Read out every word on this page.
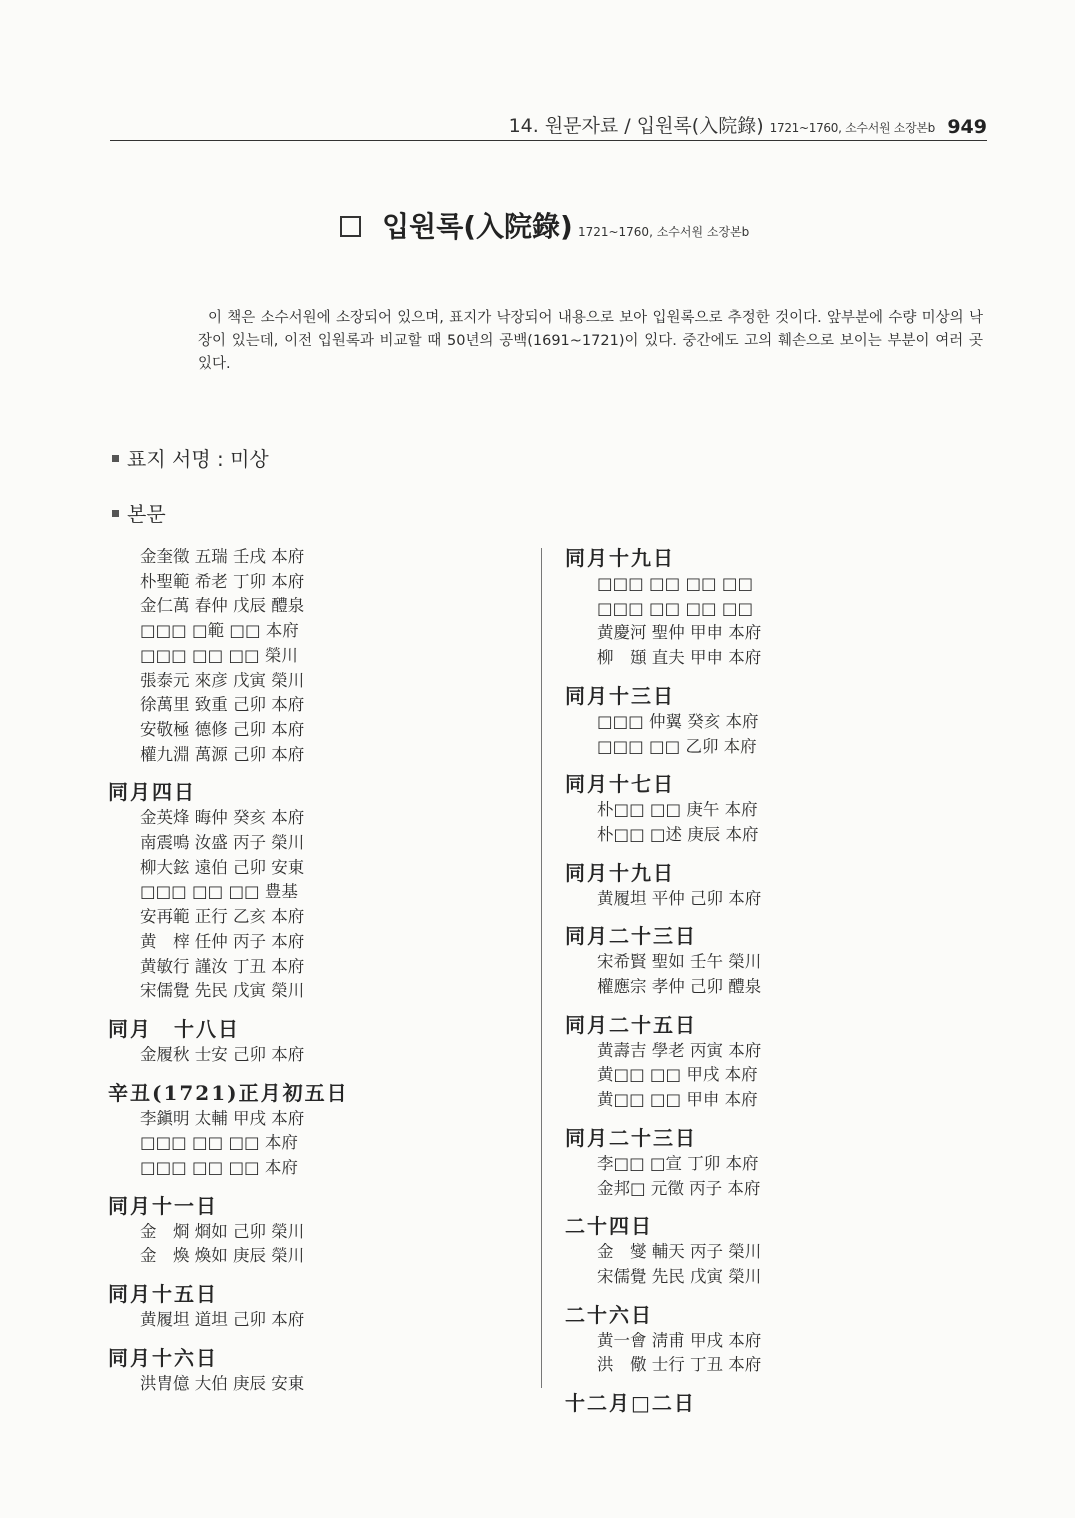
14. 원문자료 / 입원록(入院錄) 1721~1760, 소수서원 소장본b 949
입원록(入院錄) 1721~1760, 소수서원 소장본b
이 책은 소수서원에 소장되어 있으며, 표지가 낙장되어 내용으로 보아 입원록으로 추정한 것이다. 앞부분에 수량 미상의 낙장이 있는데, 이전 입원록과 비교할 때 50년의 공백(1691~1721)이 있다. 중간에도 고의 훼손으로 보이는 부분이 여러 곳 있다.
표지 서명 : 미상
본문
金奎徵 五瑞 壬戌 本府
朴聖範 希老 丁卯 本府
金仁萬 春仲 戊辰 醴泉
□□□ □範 □□ 本府
□□□ □□ □□ 榮川
張泰元 來彦 戊寅 榮川
徐萬里 致重 己卯 本府
安敬極 德修 己卯 本府
權九淵 萬源 己卯 本府
同月四日
金英烽 晦仲 癸亥 本府
南震鳴 汝盛 丙子 榮川
柳大鉉 遠伯 己卯 安東
□□□ □□ □□ 豊基
安再範 正行 乙亥 本府
黄　榟 任仲 丙子 本府
黄敏行 謹汝 丁丑 本府
宋儒覺 先民 戊寅 榮川
同月　十八日
金履秋 士安 己卯 本府
辛丑(1721)正月初五日
李鎭明 太輔 甲戌 本府
□□□ □□ □□ 本府
□□□ □□ □□ 本府
同月十一日
金　烱 烱如 己卯 榮川
金　煥 煥如 庚辰 榮川
同月十五日
黄履坦 道坦 己卯 本府
同月十六日
洪胄億 大伯 庚辰 安東
同月十九日
□□□ □□ □□ □□
□□□ □□ □□ □□
黄慶河 聖仲 甲申 本府
柳　頲 直夫 甲申 本府
同月十三日
□□□ 仲翼 癸亥 本府
□□□ □□ 乙卯 本府
同月十七日
朴□□ □□ 庚午 本府
朴□□ □述 庚辰 本府
同月十九日
黄履坦 平仲 己卯 本府
同月二十三日
宋希賢 聖如 壬午 榮川
權應宗 孝仲 己卯 醴泉
同月二十五日
黄壽吉 學老 丙寅 本府
黄□□ □□ 甲戌 本府
黄□□ □□ 甲申 本府
同月二十三日
李□□ □宣 丁卯 本府
金邦□ 元徵 丙子 本府
二十四日
金　燮 輔天 丙子 榮川
宋儒覺 先民 戊寅 榮川
二十六日
黄一會 淸甫 甲戌 本府
洪　儆 士行 丁丑 本府
十二月□二日
